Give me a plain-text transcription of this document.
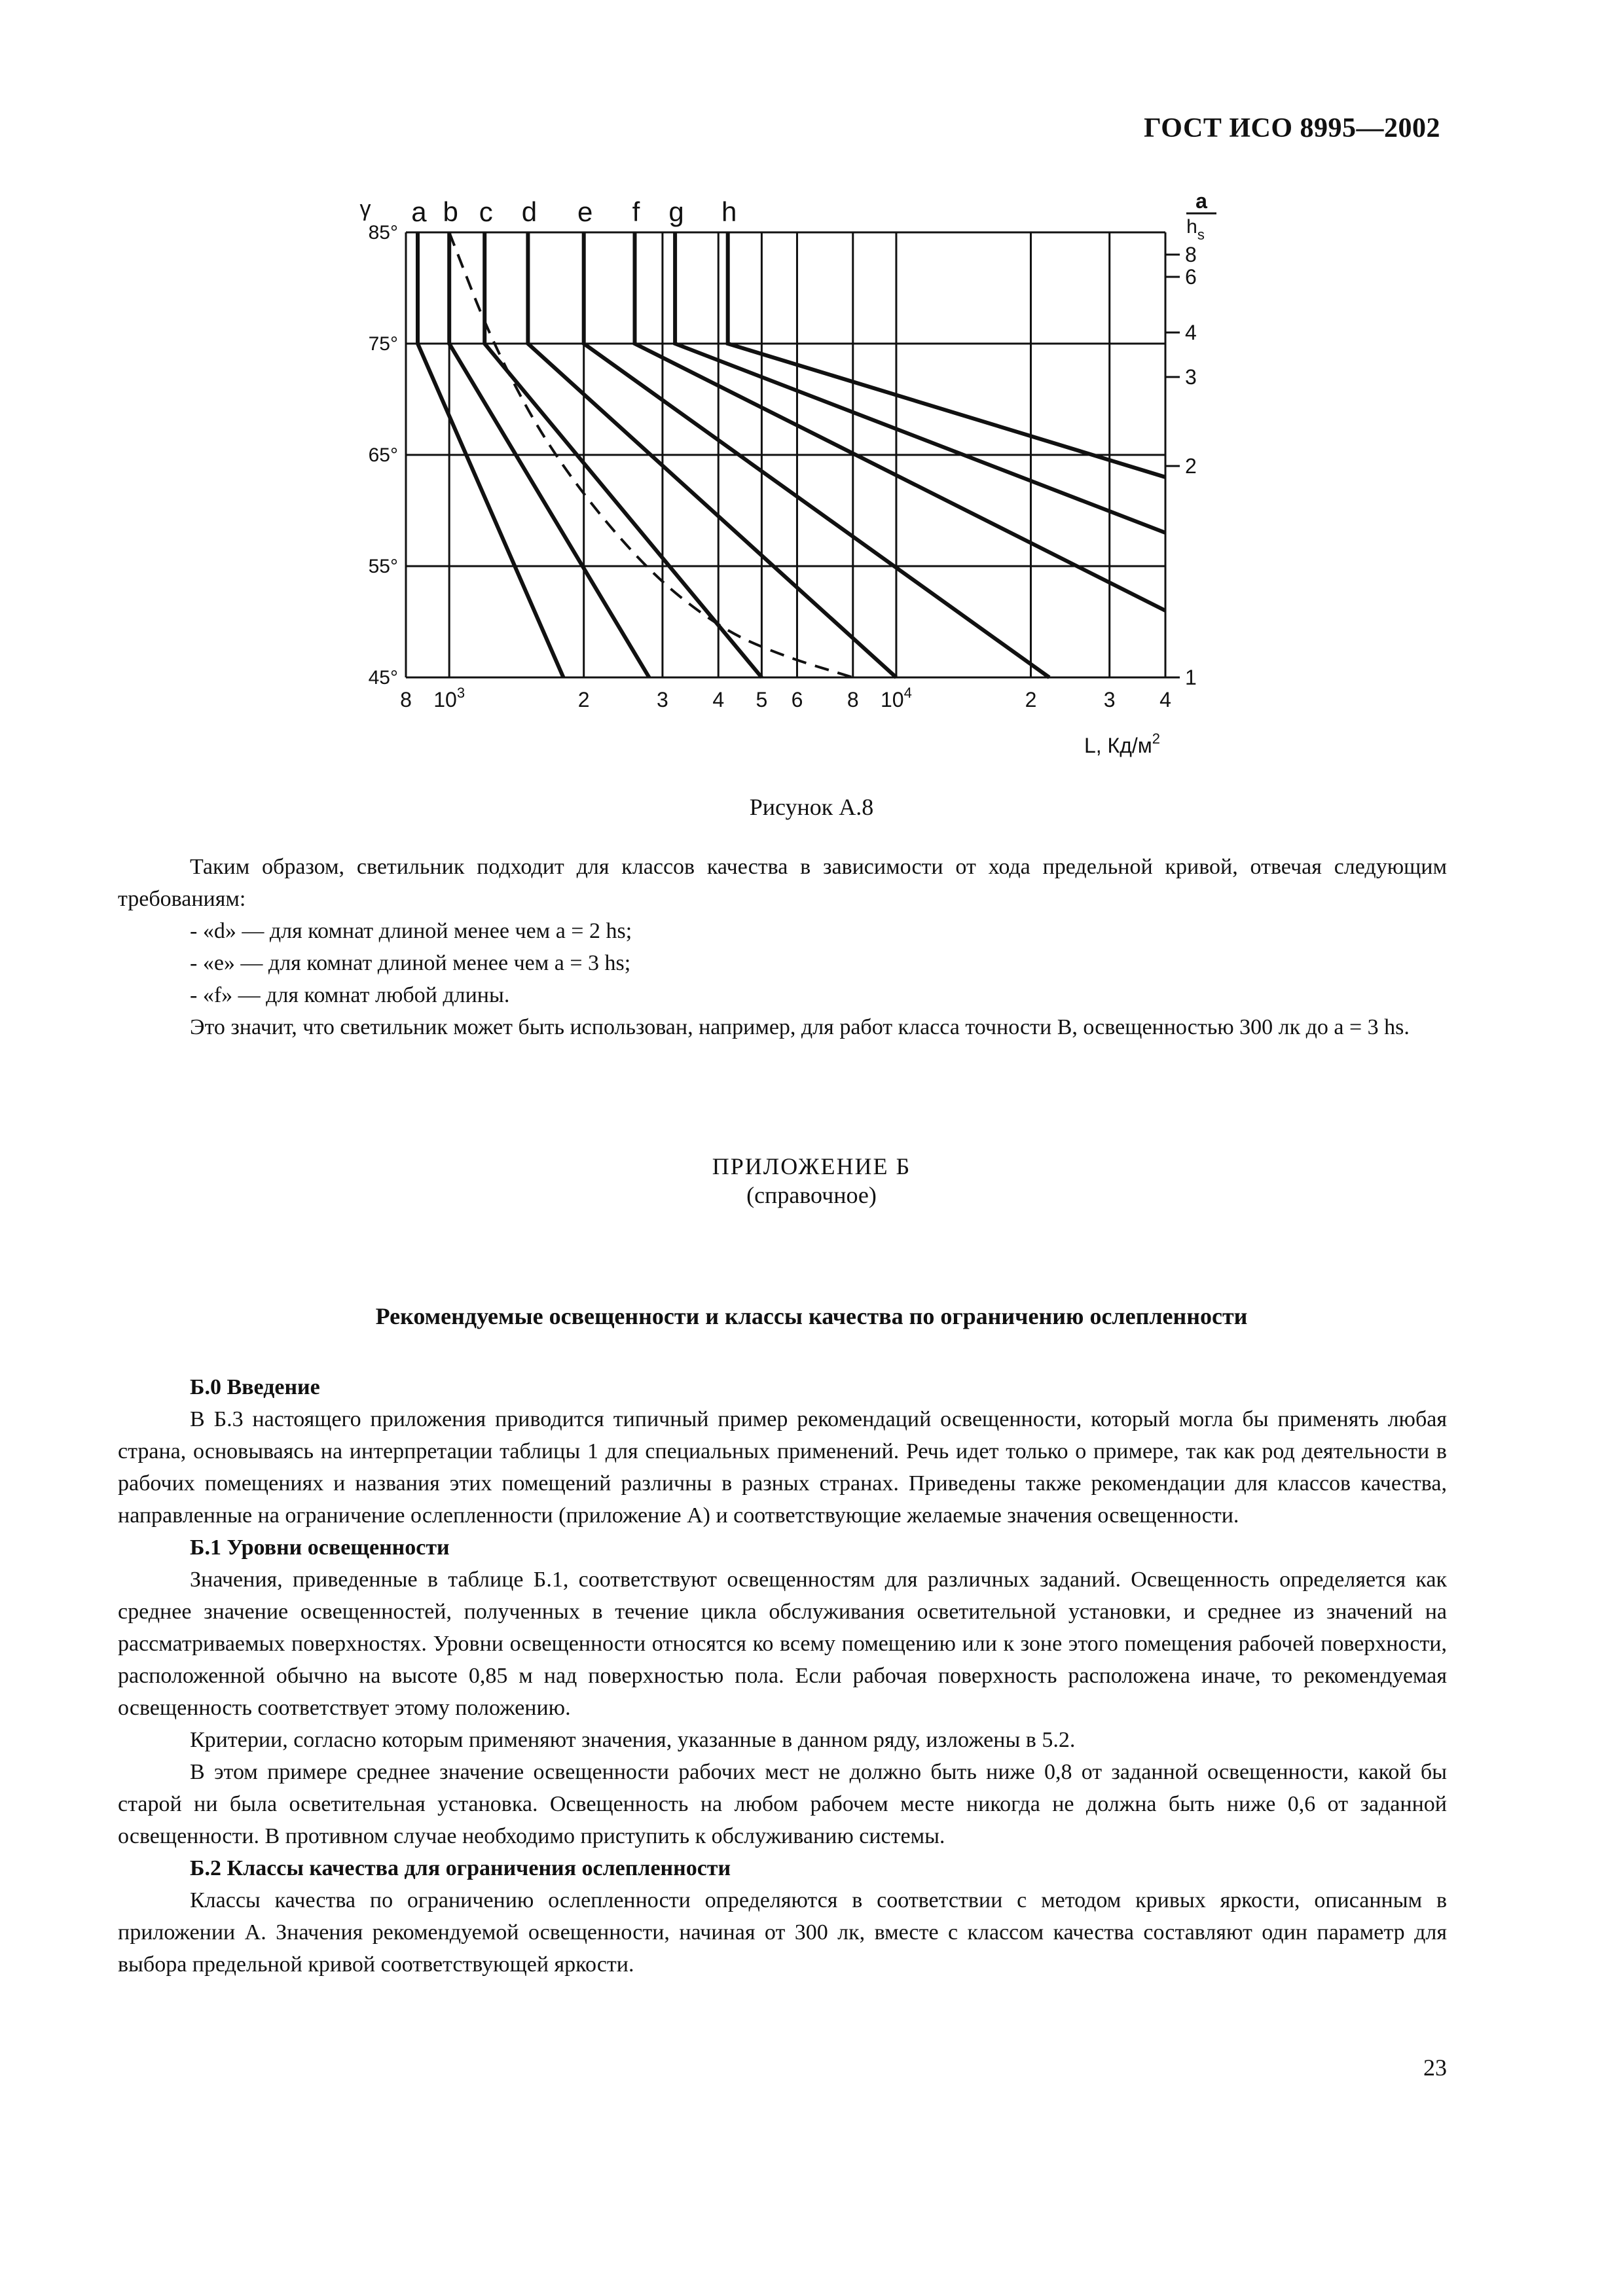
ГОСТ ИСО 8995—2002
85°
75°
65°
55°
45°
8 $10^3$	2	3 4 5 6 8 $10^4$	2	3 4
γ
L, $Кд/м^2$
8
6
4
3
2
1
a
$h_s$
a b c d e f g h
Рисунок А.8

Таким образом, светильник подходит для классов качества в зависимости от хода предельной кривой, отвечая следующим требованиям:

- «d» — для комнат длиной менее чем a = 2 hs;

- «e» — для комнат длиной менее чем a = 3 hs;

- «f» — для комнат любой длины.

Это значит, что светильник может быть использован, например, для работ класса точности В, освещенностью 300 лк до a = 3 hs.

ПРИЛОЖЕНИЕ Б
(справочное)
Рекомендуемые освещенности и классы качества по ограничению ослепленности

Б.0 Введение

В Б.3 настоящего приложения приводится типичный пример рекомендаций освещенности, который могла бы применять любая страна, основываясь на интерпретации таблицы 1 для специальных применений. Речь идет только о примере, так как род деятельности в рабочих помещениях и названия этих помещений различны в разных странах. Приведены также рекомендации для классов качества, направленные на ограничение ослепленности (приложение А) и соответствующие желаемые значения освещенности.

Б.1 Уровни освещенности

Значения, приведенные в таблице Б.1, соответствуют освещенностям для различных заданий. Освещенность определяется как среднее значение освещенностей, полученных в течение цикла обслуживания осветительной установки, и среднее из значений на рассматриваемых поверхностях. Уровни освещенности относятся ко всему помещению или к зоне этого помещения рабочей поверхности, расположенной обычно на высоте 0,85 м над поверхностью пола. Если рабочая поверхность расположена иначе, то рекомендуемая освещенность соответствует этому положению.

Критерии, согласно которым применяют значения, указанные в данном ряду, изложены в 5.2.

В этом примере среднее значение освещенности рабочих мест не должно быть ниже 0,8 от заданной освещенности, какой бы старой ни была осветительная установка. Освещенность на любом рабочем месте никогда не должна быть ниже 0,6 от заданной освещенности. В противном случае необходимо приступить к обслуживанию системы.

Б.2 Классы качества для ограничения ослепленности

Классы качества по ограничению ослепленности определяются в соответствии с методом кривых яркости, описанным в приложении А. Значения рекомендуемой освещенности, начиная от 300 лк, вместе с классом качества составляют один параметр для выбора предельной кривой соответствующей яркости.

23
